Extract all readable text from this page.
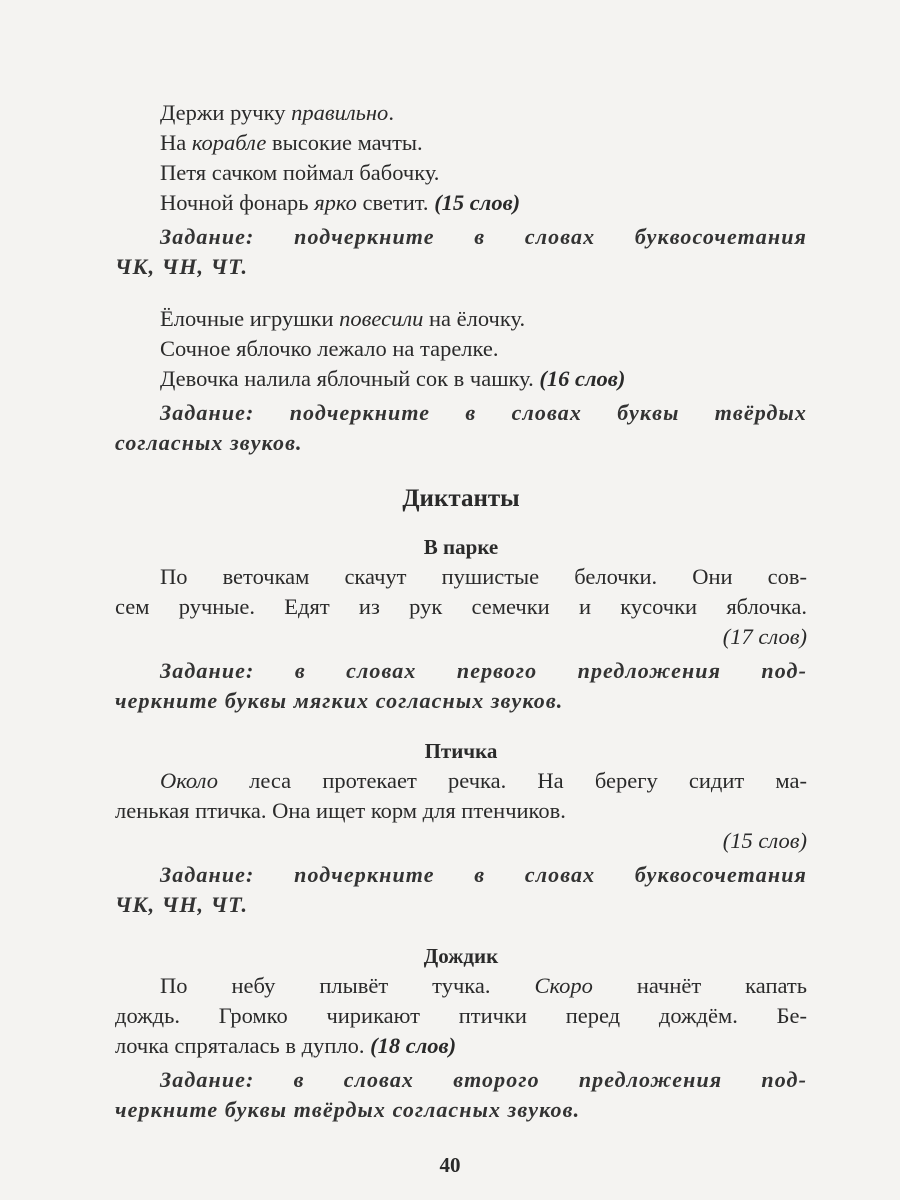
Держи ручку правильно.
На корабле высокие мачты.
Петя сачком поймал бабочку.
Ночной фонарь ярко светит. (15 слов)
Задание: подчеркните в словах буквосочетания
ЧК, ЧН, ЧТ.
Ёлочные игрушки повесили на ёлочку.
Сочное яблочко лежало на тарелке.
Девочка налила яблочный сок в чашку. (16 слов)
Задание: подчеркните в словах буквы твёрдых
согласных звуков.
Диктанты
В парке
По веточкам скачут пушистые белочки. Они сов-
сем ручные. Едят из рук семечки и кусочки яблочка.
(17 слов)
Задание: в словах первого предложения под-
черкните буквы мягких согласных звуков.
Птичка
Около леса протекает речка. На берегу сидит ма-
ленькая птичка. Она ищет корм для птенчиков.
(15 слов)
Задание: подчеркните в словах буквосочетания
ЧК, ЧН, ЧТ.
Дождик
По небу плывёт тучка. Скоро начнёт капать
дождь. Громко чирикают птички перед дождём. Бе-
лочка спряталась в дупло. (18 слов)
Задание: в словах второго предложения под-
черкните буквы твёрдых согласных звуков.
40
